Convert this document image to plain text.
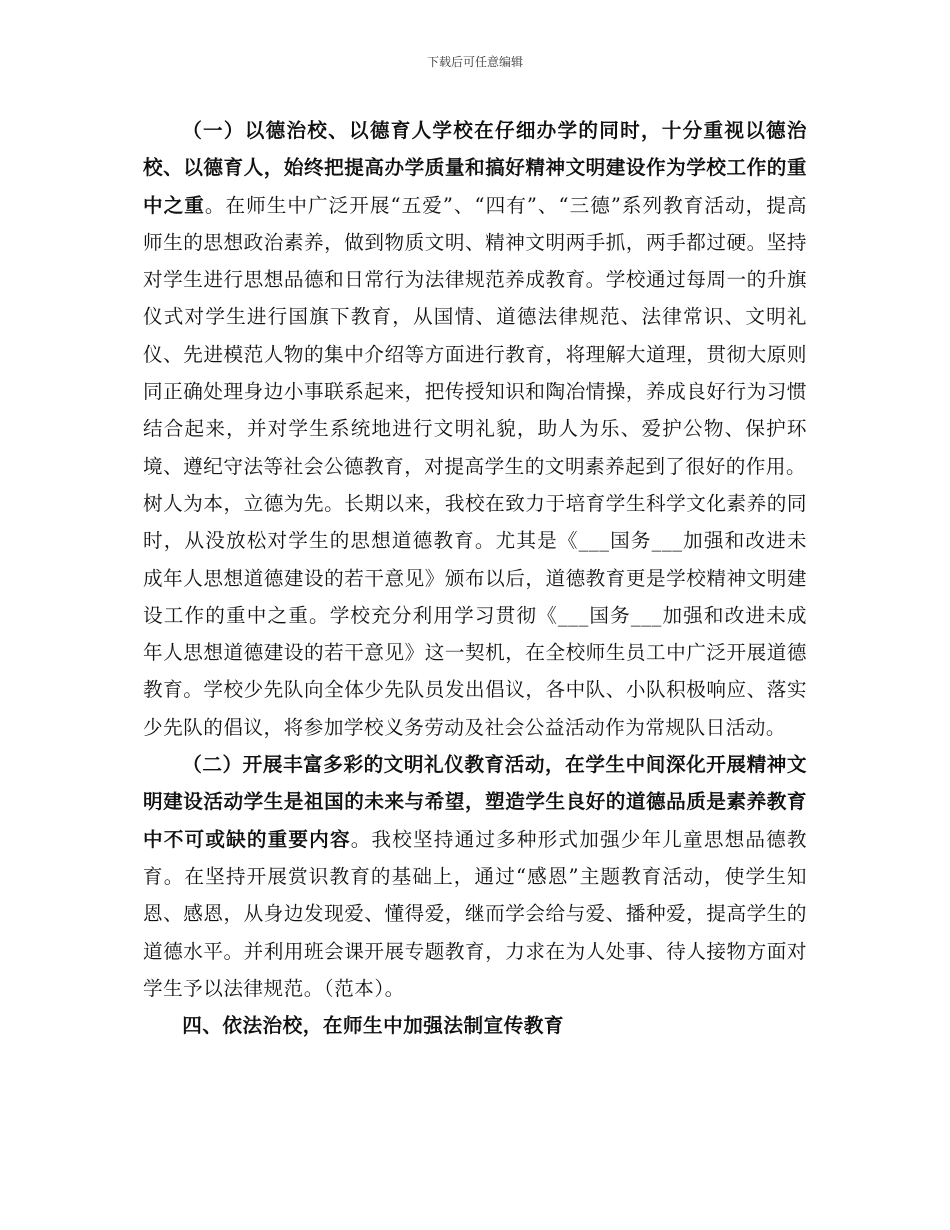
下载后可任意编辑

（一）以德治校、以德育人学校在仔细办学的同时，十分重视以德治校、以德育人，始终把提高办学质量和搞好精神文明建设作为学校工作的重中之重。在师生中广泛开展“五爱”、“四有”、“三德”系列教育活动，提高师生的思想政治素养，做到物质文明、精神文明两手抓，两手都过硬。坚持对学生进行思想品德和日常行为法律规范养成教育。学校通过每周一的升旗仪式对学生进行国旗下教育，从国情、道德法律规范、法律常识、文明礼仪、先进模范人物的集中介绍等方面进行教育，将理解大道理，贯彻大原则同正确处理身边小事联系起来，把传授知识和陶冶情操，养成良好行为习惯结合起来，并对学生系统地进行文明礼貌，助人为乐、爱护公物、保护环境、遵纪守法等社会公德教育，对提高学生的文明素养起到了很好的作用。

树人为本，立德为先。长期以来，我校在致力于培育学生科学文化素养的同时，从没放松对学生的思想道德教育。尤其是《___国务___加强和改进未成年人思想道德建设的若干意见》颁布以后，道德教育更是学校精神文明建设工作的重中之重。学校充分利用学习贯彻《___国务___加强和改进未成年人思想道德建设的若干意见》这一契机，在全校师生员工中广泛开展道德教育。学校少先队向全体少先队员发出倡议，各中队、小队积极响应、落实少先队的倡议，将参加学校义务劳动及社会公益活动作为常规队日活动。

（二）开展丰富多彩的文明礼仪教育活动，在学生中间深化开展精神文明建设活动学生是祖国的未来与希望，塑造学生良好的道德品质是素养教育中不可或缺的重要内容。我校坚持通过多种形式加强少年儿童思想品德教育。在坚持开展赏识教育的基础上，通过“感恩”主题教育活动，使学生知恩、感恩，从身边发现爱、懂得爱，继而学会给与爱、播种爱，提高学生的道德水平。并利用班会课开展专题教育，力求在为人处事、待人接物方面对学生予以法律规范。（范本）。

四、依法治校，在师生中加强法制宣传教育
